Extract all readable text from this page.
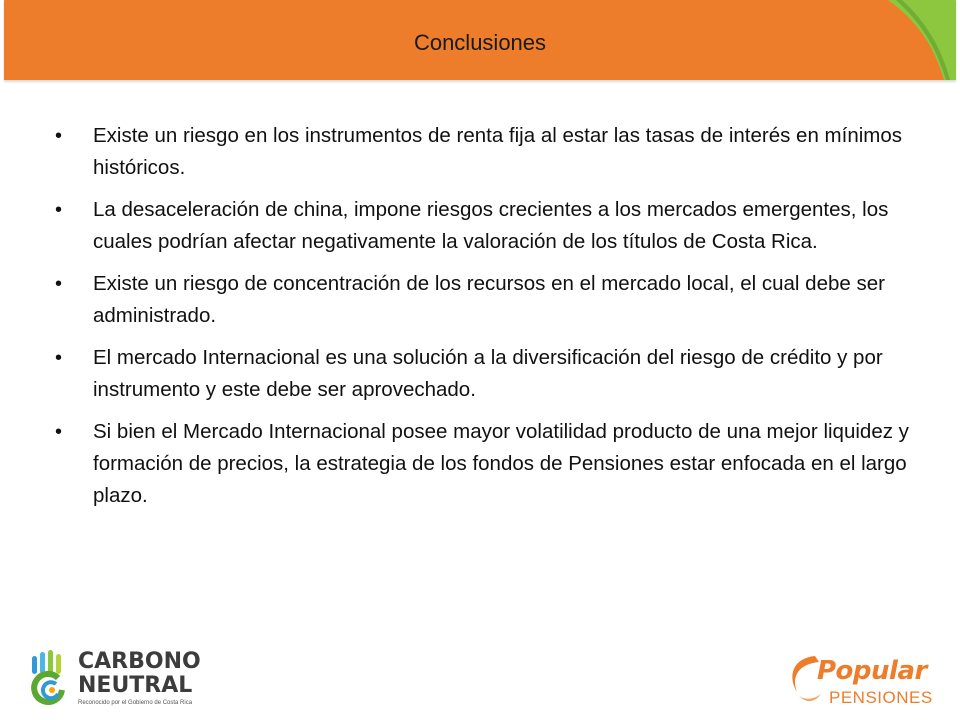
Conclusiones
• Existe un riesgo en los instrumentos de renta fija al estar las tasas de interés en mínimos históricos.
• La desaceleración de china, impone riesgos crecientes a los mercados emergentes, los cuales podrían afectar negativamente la valoración de los títulos de Costa Rica.
• Existe un riesgo de concentración de los recursos en el mercado local, el cual debe ser administrado.
• El mercado Internacional es una solución a la diversificación del riesgo de crédito y por instrumento y este debe ser aprovechado.
• Si bien el Mercado Internacional posee mayor volatilidad producto de una mejor liquidez y formación de precios, la estrategia de los fondos de Pensiones estar enfocada en el largo plazo.
CARBONO
NEUTRAL
Reconocido por el Gobierno de Costa Rica
Popular
PENSIONES
